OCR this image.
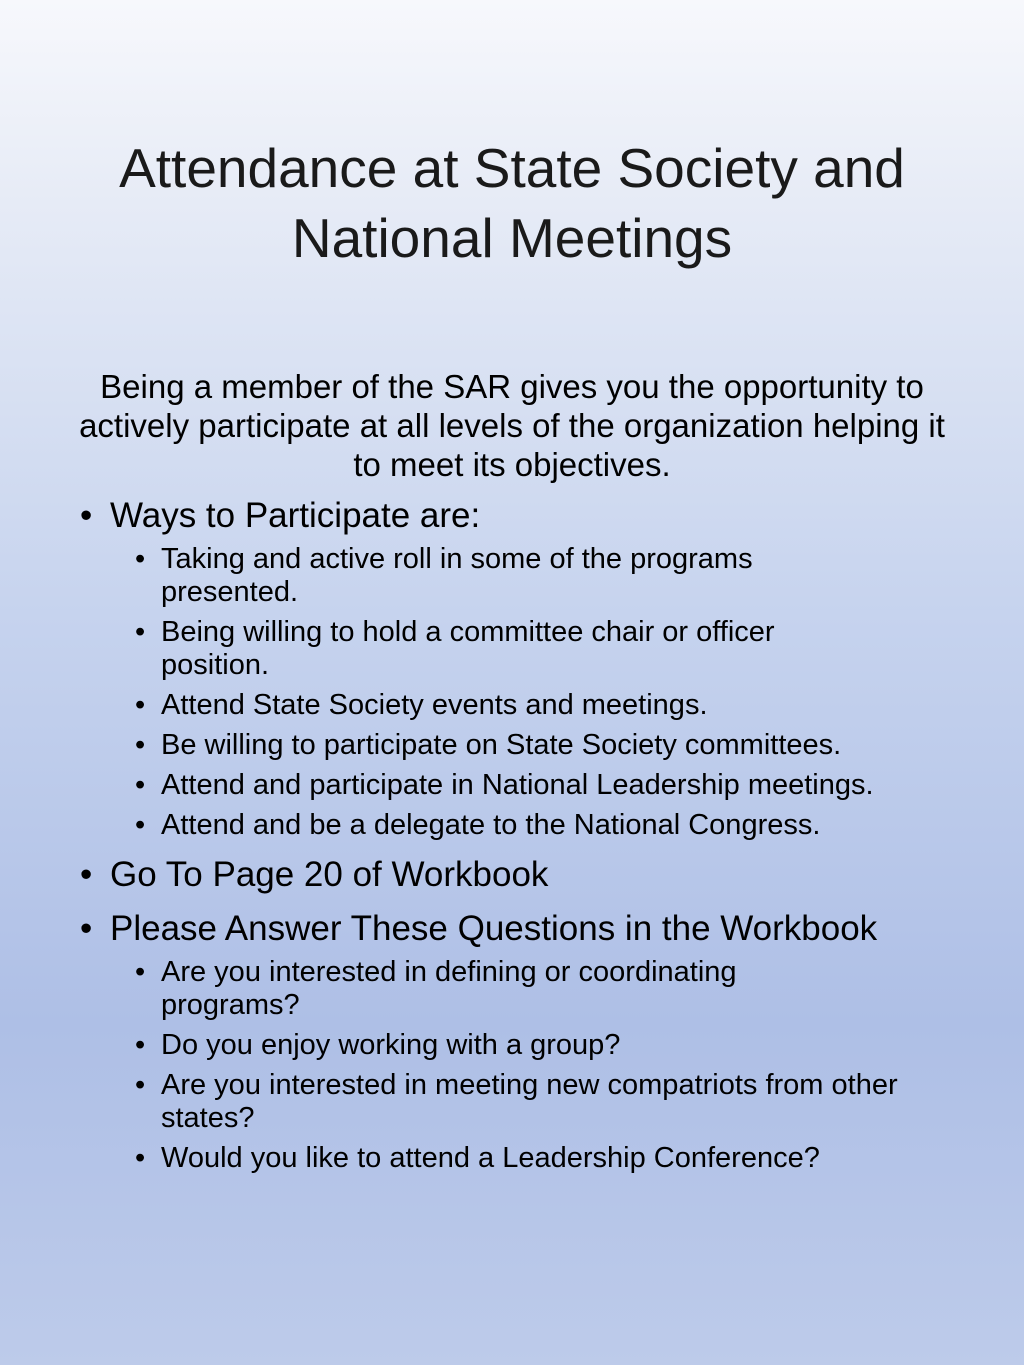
Attendance at State Society and National Meetings

Being a member of the SAR gives you the opportunity to actively participate at all levels of the organization helping it to meet its objectives.

• Ways to Participate are:
• Taking and active roll in some of the programs presented.
• Being willing to hold a committee chair or officer position.
• Attend State Society events and meetings.
• Be willing to participate on State Society committees.
• Attend and participate in National Leadership meetings.
• Attend and be a delegate to the National Congress.
• Go To Page 20 of Workbook
• Please Answer These Questions in the Workbook
• Are you interested in defining or coordinating programs?
• Do you enjoy working with a group?
• Are you interested in meeting new compatriots from other states?
• Would you like to attend a Leadership Conference?
